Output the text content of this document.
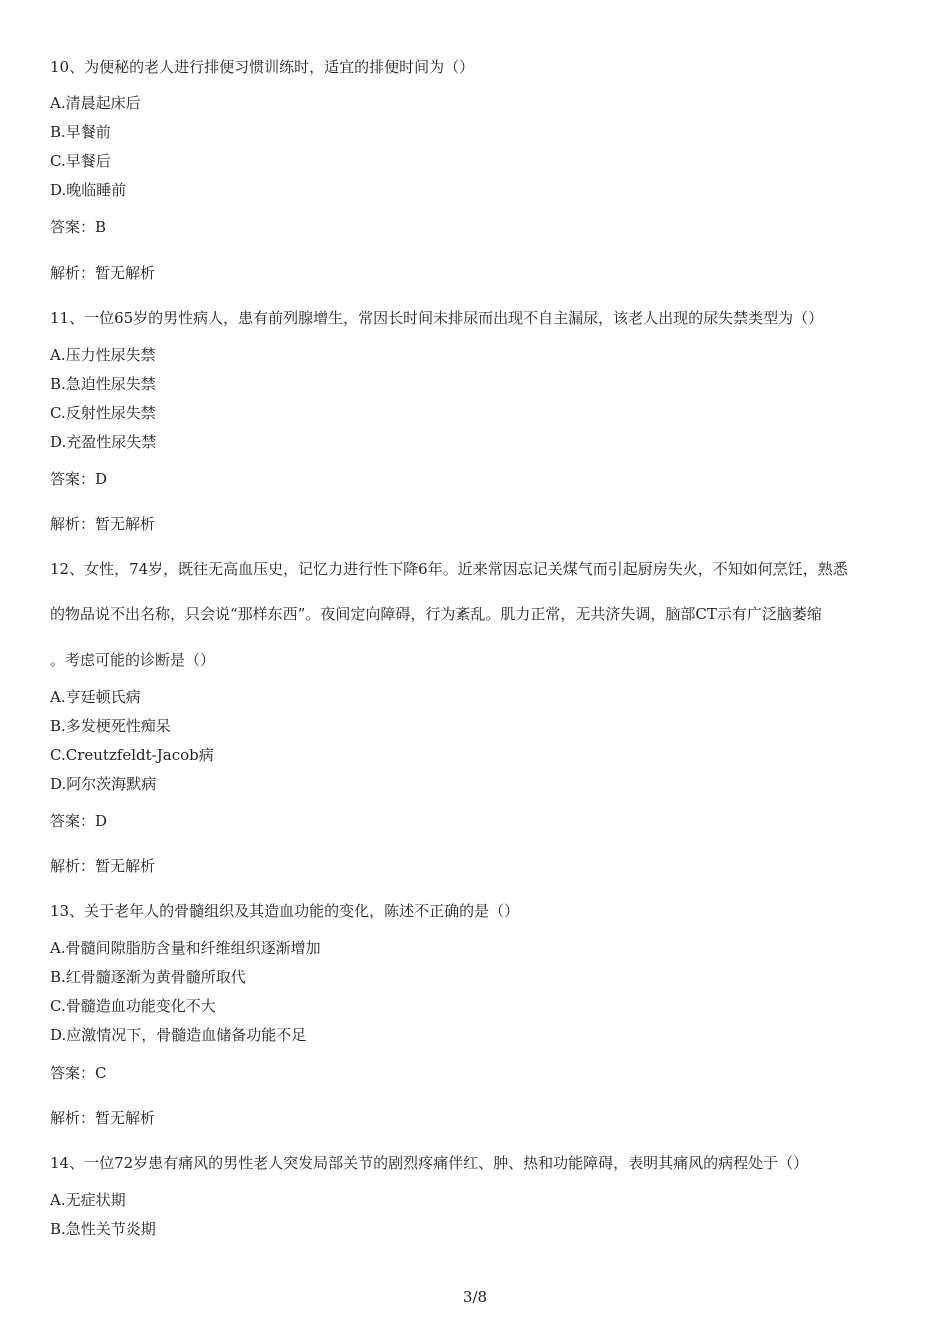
10、为便秘的老人进行排便习惯训练时，适宜的排便时间为（）
A.清晨起床后
B.早餐前
C.早餐后
D.晚临睡前
答案：B
解析：暂无解析
11、一位65岁的男性病人，患有前列腺增生，常因长时间未排尿而出现不自主漏尿，该老人出现的尿失禁类型为（）
A.压力性尿失禁
B.急迫性尿失禁
C.反射性尿失禁
D.充盈性尿失禁
答案：D
解析：暂无解析
12、女性，74岁，既往无高血压史，记忆力进行性下降6年。近来常因忘记关煤气而引起厨房失火，不知如何烹饪，熟悉
的物品说不出名称，只会说“那样东西”。夜间定向障碍，行为紊乱。肌力正常，无共济失调，脑部CT示有广泛脑萎缩
。考虑可能的诊断是（）
A.亨廷顿氏病
B.多发梗死性痴呆
C.Creutzfeldt-Jacob病
D.阿尔茨海默病
答案：D
解析：暂无解析
13、关于老年人的骨髓组织及其造血功能的变化，陈述不正确的是（）
A.骨髓间隙脂肪含量和纤维组织逐渐增加
B.红骨髓逐渐为黄骨髓所取代
C.骨髓造血功能变化不大
D.应激情况下，骨髓造血储备功能不足
答案：C
解析：暂无解析
14、一位72岁患有痛风的男性老人突发局部关节的剧烈疼痛伴红、肿、热和功能障碍，表明其痛风的病程处于（）
A.无症状期
B.急性关节炎期
3/8
